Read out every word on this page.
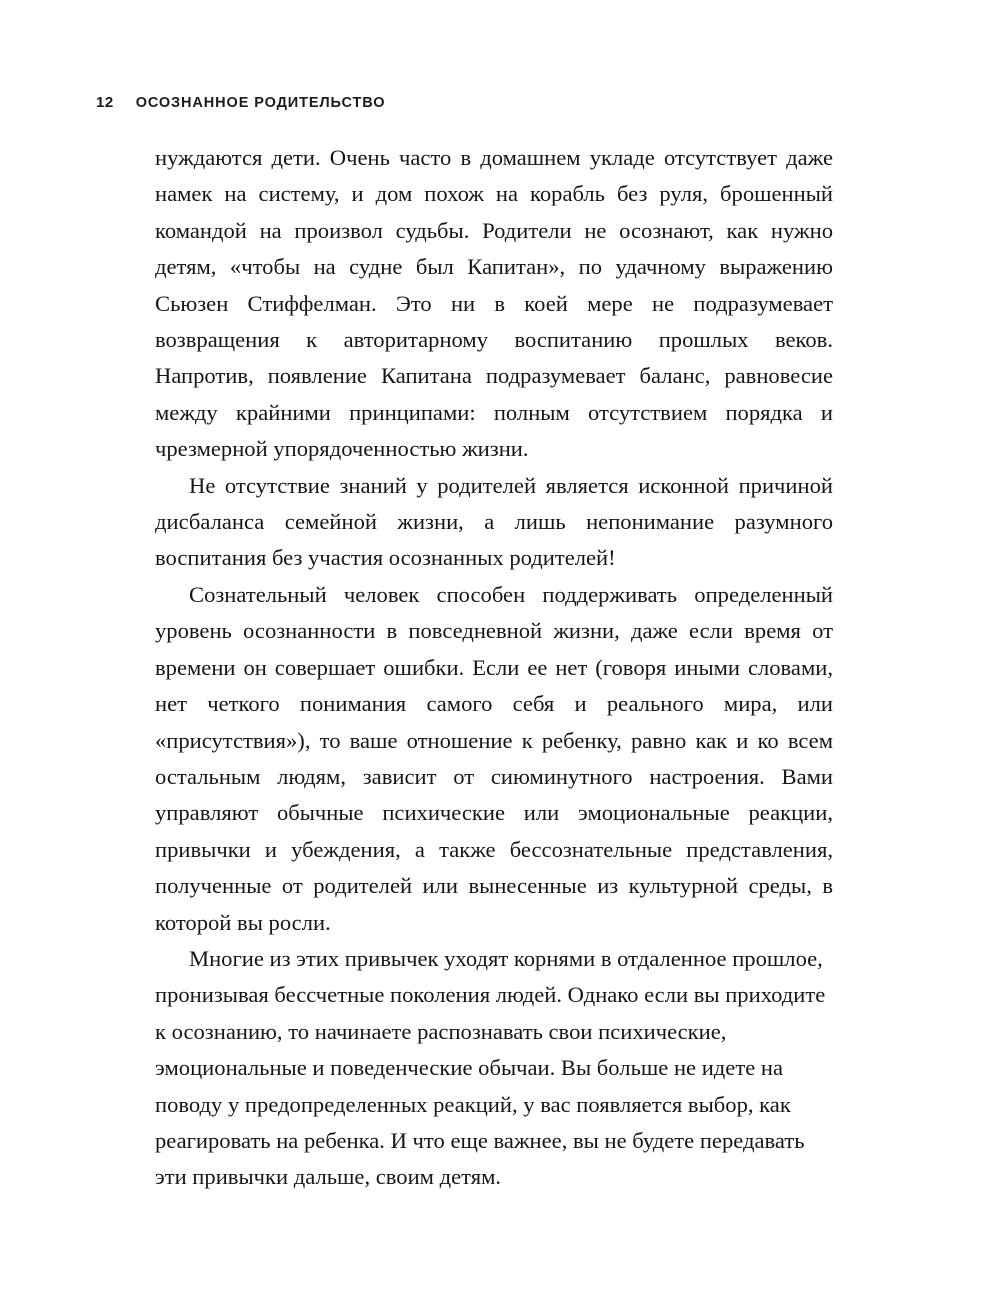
12 ОСОЗНАННОЕ РОДИТЕЛЬСТВО

нуждаются дети. Очень часто в домашнем укладе отсутствует даже намек на систему, и дом похож на корабль без руля, брошенный командой на произвол судьбы. Родители не осознают, как нужно детям, «чтобы на судне был Капитан», по удачному выражению Сьюзен Стиффелман. Это ни в коей мере не подразумевает возвращения к авторитарному воспитанию прошлых веков. Напротив, появление Капитана подразумевает баланс, равновесие между крайними принципами: полным отсутствием порядка и чрезмерной упорядоченностью жизни.

Не отсутствие знаний у родителей является исконной причиной дисбаланса семейной жизни, а лишь непонимание разумного воспитания без участия осознанных родителей!

Сознательный человек способен поддерживать определенный уровень осознанности в повседневной жизни, даже если время от времени он совершает ошибки. Если ее нет (говоря иными словами, нет четкого понимания самого себя и реального мира, или «присутствия»), то ваше отношение к ребенку, равно как и ко всем остальным людям, зависит от сиюминутного настроения. Вами управляют обычные психические или эмоциональные реакции, привычки и убеждения, а также бессознательные представления, полученные от родителей или вынесенные из культурной среды, в которой вы росли.

Многие из этих привычек уходят корнями в отдаленное прошлое, пронизывая бессчетные поколения людей. Однако если вы приходите к осознанию, то начинаете распознавать свои психические, эмоциональные и поведенческие обычаи. Вы больше не идете на поводу у предопределенных реакций, у вас появляется выбор, как реагировать на ребенка. И что еще важнее, вы не будете передавать эти привычки дальше, своим детям.
